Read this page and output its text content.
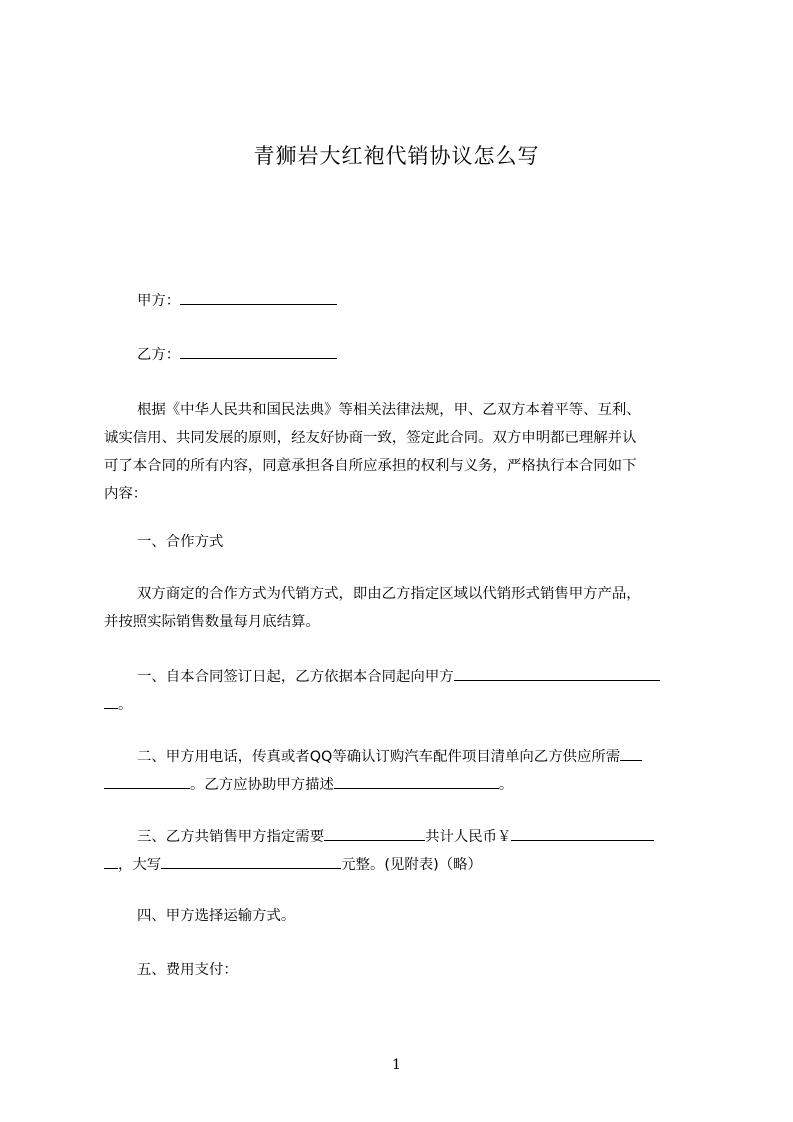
青狮岩大红袍代销协议怎么写
甲方：
乙方：
根据《中华人民共和国民法典》等相关法律法规，甲、乙双方本着平等、互利、
诚实信用、共同发展的原则，经友好协商一致，签定此合同。双方申明都已理解并认
可了本合同的所有内容，同意承担各自所应承担的权利与义务，严格执行本合同如下
内容：
一、合作方式
双方商定的合作方式为代销方式，即由乙方指定区域以代销形式销售甲方产品，
并按照实际销售数量每月底结算。
一、自本合同签订日起，乙方依据本合同起向甲方
。
二、甲方用电话，传真或者QQ等确认订购汽车配件项目清单向乙方供应所需
。乙方应协助甲方描述	。
三、乙方共销售甲方指定需要	共计人民币￥
，大写	元整。(见附表)（略）
四、甲方选择运输方式。
五、费用支付：
1
